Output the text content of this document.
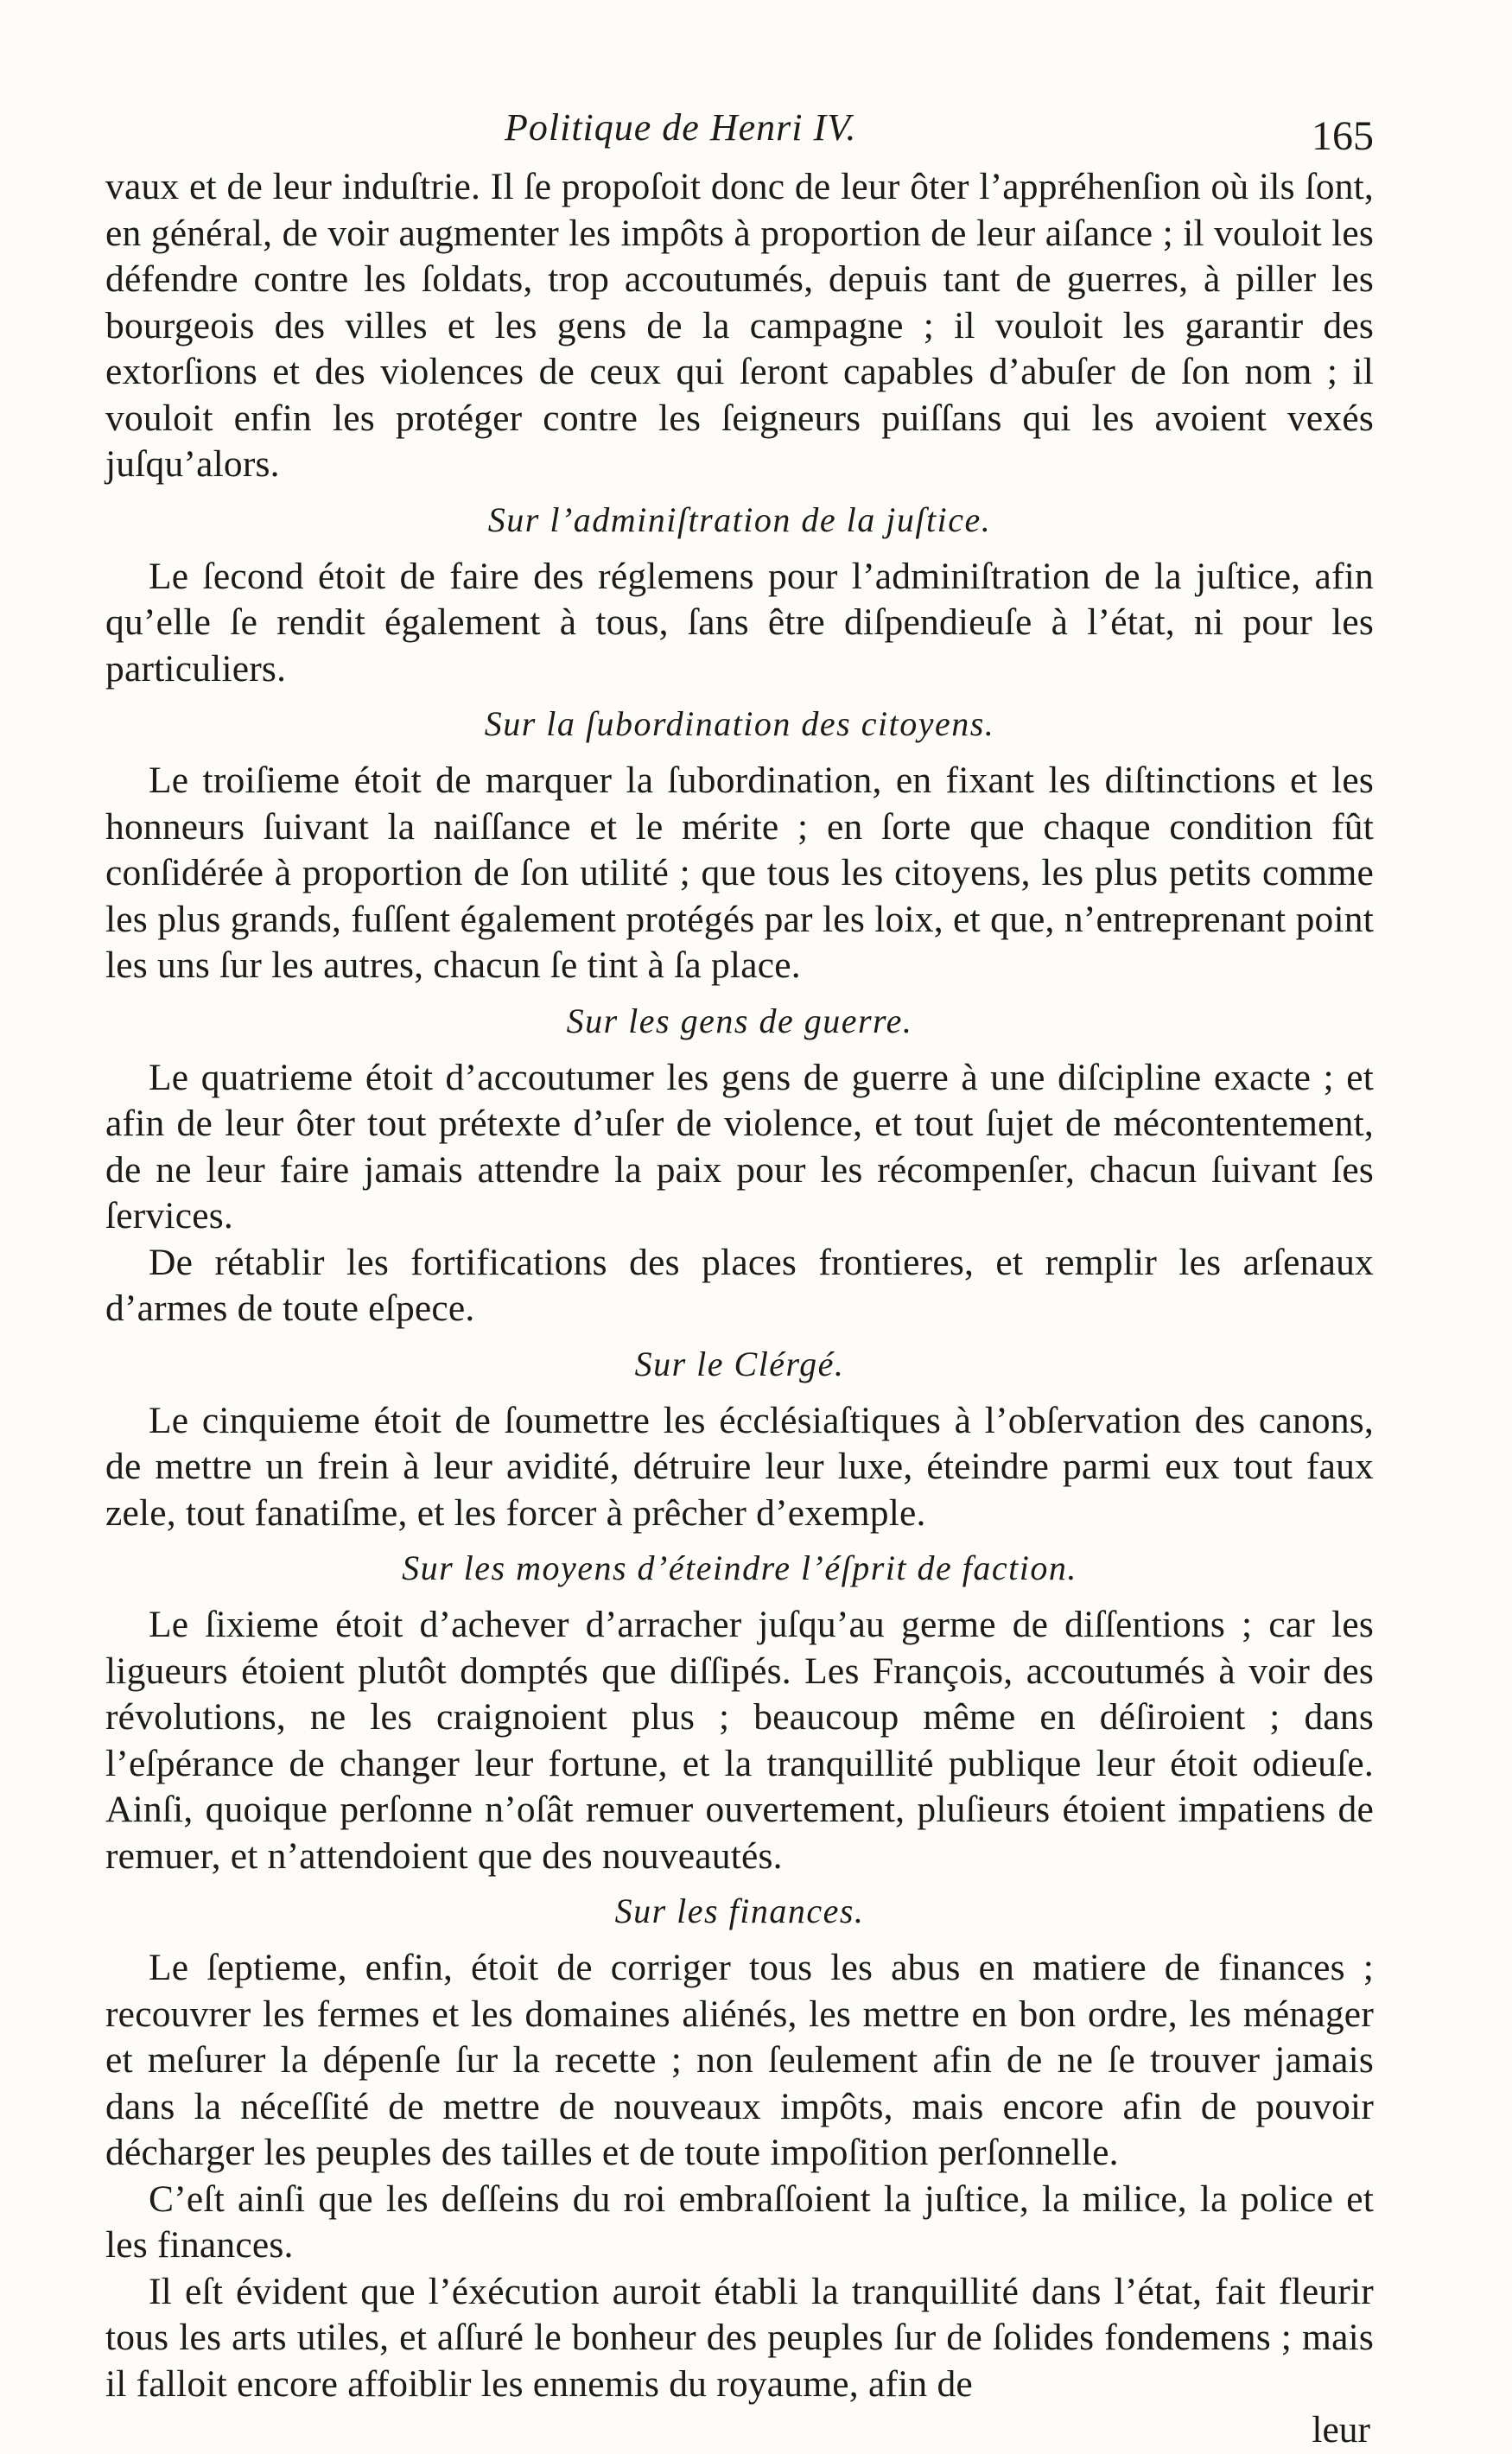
Politique de Henri IV.	165

vaux et de leur induſtrie. Il ſe propoſoit donc de leur ôter l’appréhenſion où ils ſont, en général, de voir augmenter les impôts à proportion de leur aiſance ; il vouloit les défendre contre les ſoldats, trop accoutumés, depuis tant de guerres, à piller les bourgeois des villes et les gens de la campagne ; il vouloit les garantir des extorſions et des violences de ceux qui ſeront capables d’abuſer de ſon nom ; il vouloit enfin les protéger contre les ſeigneurs puiſſans qui les avoient vexés juſqu’alors.

Sur l’adminiſtration de la juſtice.

Le ſecond étoit de faire des réglemens pour l’adminiſtration de la juſtice, afin qu’elle ſe rendit également à tous, ſans être diſpendieuſe à l’état, ni pour les particuliers.

Sur la ſubordination des citoyens.

Le troiſieme étoit de marquer la ſubordination, en fixant les diſtinctions et les honneurs ſuivant la naiſſance et le mérite ; en ſorte que chaque condition fût conſidérée à proportion de ſon utilité ; que tous les citoyens, les plus petits comme les plus grands, fuſſent également protégés par les loix, et que, n’entreprenant point les uns ſur les autres, chacun ſe tint à ſa place.

Sur les gens de guerre.

Le quatrieme étoit d’accoutumer les gens de guerre à une diſcipline exacte ; et afin de leur ôter tout prétexte d’uſer de violence, et tout ſujet de mécontentement, de ne leur faire jamais attendre la paix pour les récompenſer, chacun ſuivant ſes ſervices.

De rétablir les fortifications des places frontieres, et remplir les arſenaux d’armes de toute eſpece.

Sur le Clérgé.

Le cinquieme étoit de ſoumettre les écclésiaſtiques à l’obſervation des canons, de mettre un frein à leur avidité, détruire leur luxe, éteindre parmi eux tout faux zele, tout fanatiſme, et les forcer à prêcher d’exemple.

Sur les moyens d’éteindre l’éſprit de faction.

Le ſixieme étoit d’achever d’arracher juſqu’au germe de diſſentions ; car les ligueurs étoient plutôt domptés que diſſipés. Les François, accoutumés à voir des révolutions, ne les craignoient plus ; beaucoup même en déſiroient ; dans l’eſpérance de changer leur fortune, et la tranquillité publique leur étoit odieuſe. Ainſi, quoique perſonne n’oſât remuer ouvertement, pluſieurs étoient impatiens de remuer, et n’attendoient que des nouveautés.

Sur les finances.

Le ſeptieme, enfin, étoit de corriger tous les abus en matiere de finances ; recouvrer les fermes et les domaines aliénés, les mettre en bon ordre, les ménager et meſurer la dépenſe ſur la recette ; non ſeulement afin de ne ſe trouver jamais dans la néceſſité de mettre de nouveaux impôts, mais encore afin de pouvoir décharger les peuples des tailles et de toute impoſition perſonnelle.

C’eſt ainſi que les deſſeins du roi embraſſoient la juſtice, la milice, la police et les finances.

Il eſt évident que l’éxécution auroit établi la tranquillité dans l’état, fait fleurir tous les arts utiles, et aſſuré le bonheur des peuples ſur de ſolides fondemens ; mais il falloit encore affoiblir les ennemis du royaume, afin de

leur
